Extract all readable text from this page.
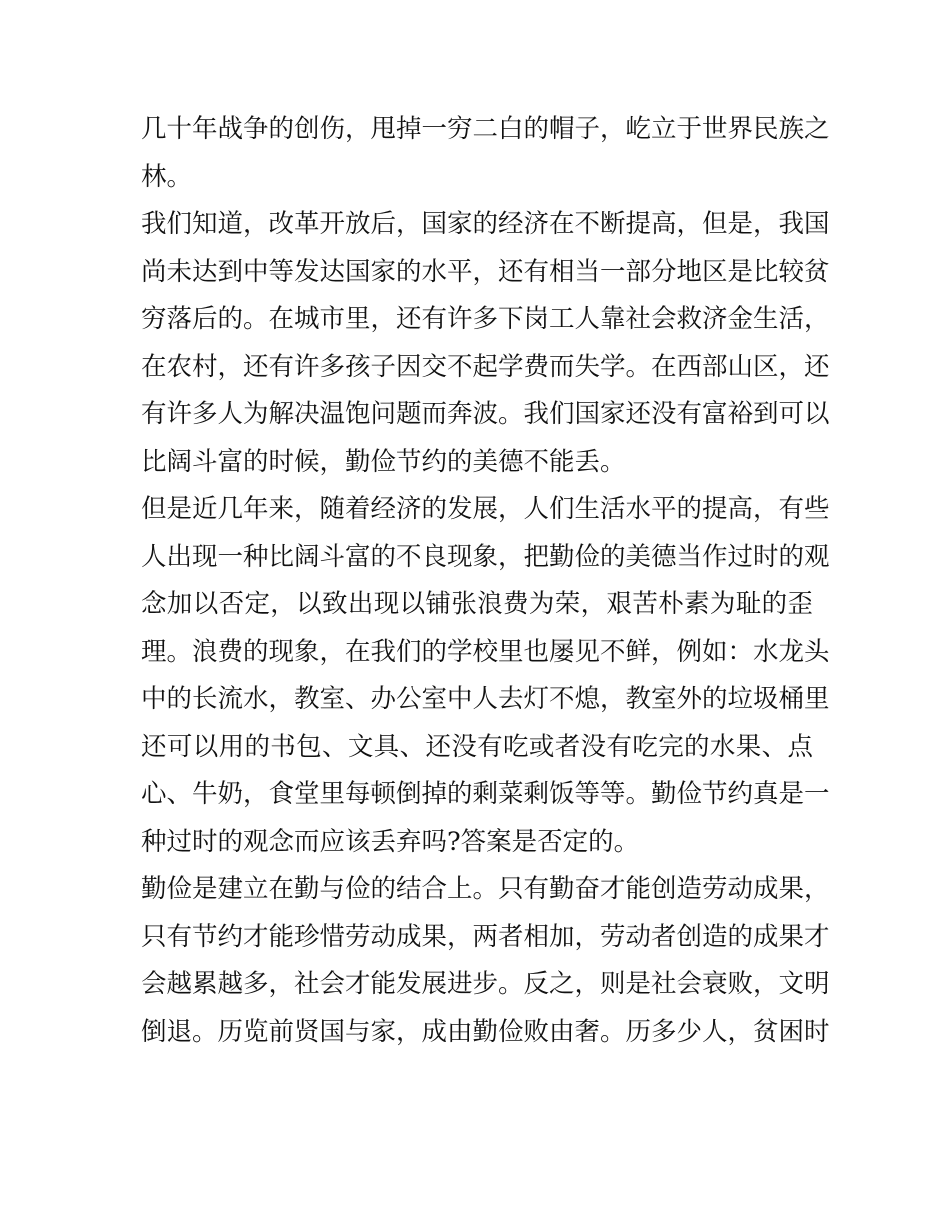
几十年战争的创伤，甩掉一穷二白的帽子，屹立于世界民族之
林。
我们知道，改革开放后，国家的经济在不断提高，但是，我国
尚未达到中等发达国家的水平，还有相当一部分地区是比较贫
穷落后的。在城市里，还有许多下岗工人靠社会救济金生活，
在农村，还有许多孩子因交不起学费而失学。在西部山区，还
有许多人为解决温饱问题而奔波。我们国家还没有富裕到可以
比阔斗富的时候，勤俭节约的美德不能丢。
但是近几年来，随着经济的发展，人们生活水平的提高，有些
人出现一种比阔斗富的不良现象，把勤俭的美德当作过时的观
念加以否定，以致出现以铺张浪费为荣，艰苦朴素为耻的歪
理。浪费的现象，在我们的学校里也屡见不鲜，例如：水龙头
中的长流水，教室、办公室中人去灯不熄，教室外的垃圾桶里
还可以用的书包、文具、还没有吃或者没有吃完的水果、点
心、牛奶，食堂里每顿倒掉的剩菜剩饭等等。勤俭节约真是一
种过时的观念而应该丢弃吗?答案是否定的。
勤俭是建立在勤与俭的结合上。只有勤奋才能创造劳动成果，
只有节约才能珍惜劳动成果，两者相加，劳动者创造的成果才
会越累越多，社会才能发展进步。反之，则是社会衰败，文明
倒退。历览前贤国与家，成由勤俭败由奢。历多少人，贫困时
